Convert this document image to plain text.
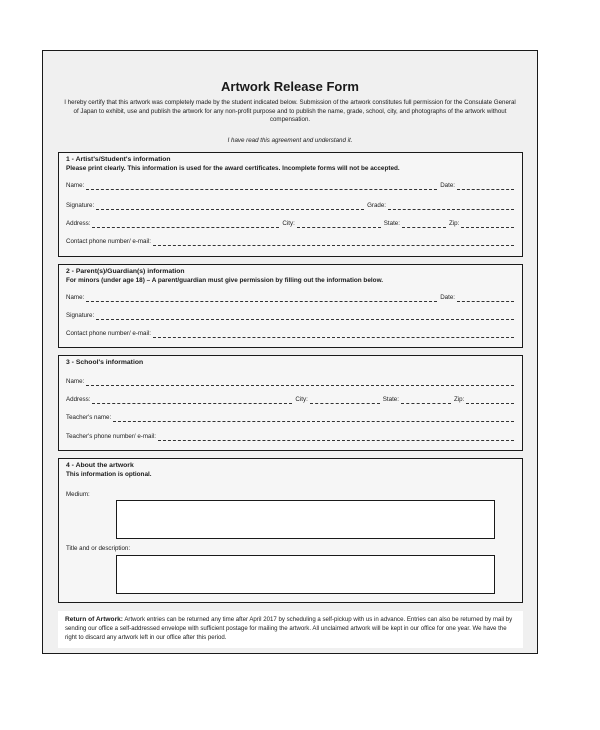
Artwork Release Form
I hereby certify that this artwork was completely made by the student indicated below. Submission of the artwork constitutes full permission for the Consulate General of Japan to exhibit, use and publish the artwork for any non-profit purpose and to publish the name, grade, school, city, and photographs of the artwork without compensation.
I have read this agreement and understand it.
1 - Artist's/Student's information
Please print clearly. This information is used for the award certificates. Incomplete forms will not be accepted.
Name:	Date:
Signature:	Grade:
Address:	City:	State:	Zip:
Contact phone number/ e-mail:
2 - Parent(s)/Guardian(s) information
For minors (under age 18) – A parent/guardian must give permission by filling out the information below.
Name:	Date:
Signature:
Contact phone number/ e-mail:
3 - School's information
Name:
Address:	City:	State:	Zip:
Teacher's name:
Teacher's phone number/ e-mail:
4 - About the artwork
This information is optional.
Medium:
Title and or description:
Return of Artwork: Artwork entries can be returned any time after April 2017 by scheduling a self-pickup with us in advance. Entries can also be returned by mail by sending our office a self-addressed envelope with sufficient postage for mailing the artwork. All unclaimed artwork will be kept in our office for one year. We have the right to discard any artwork left in our office after this period.
